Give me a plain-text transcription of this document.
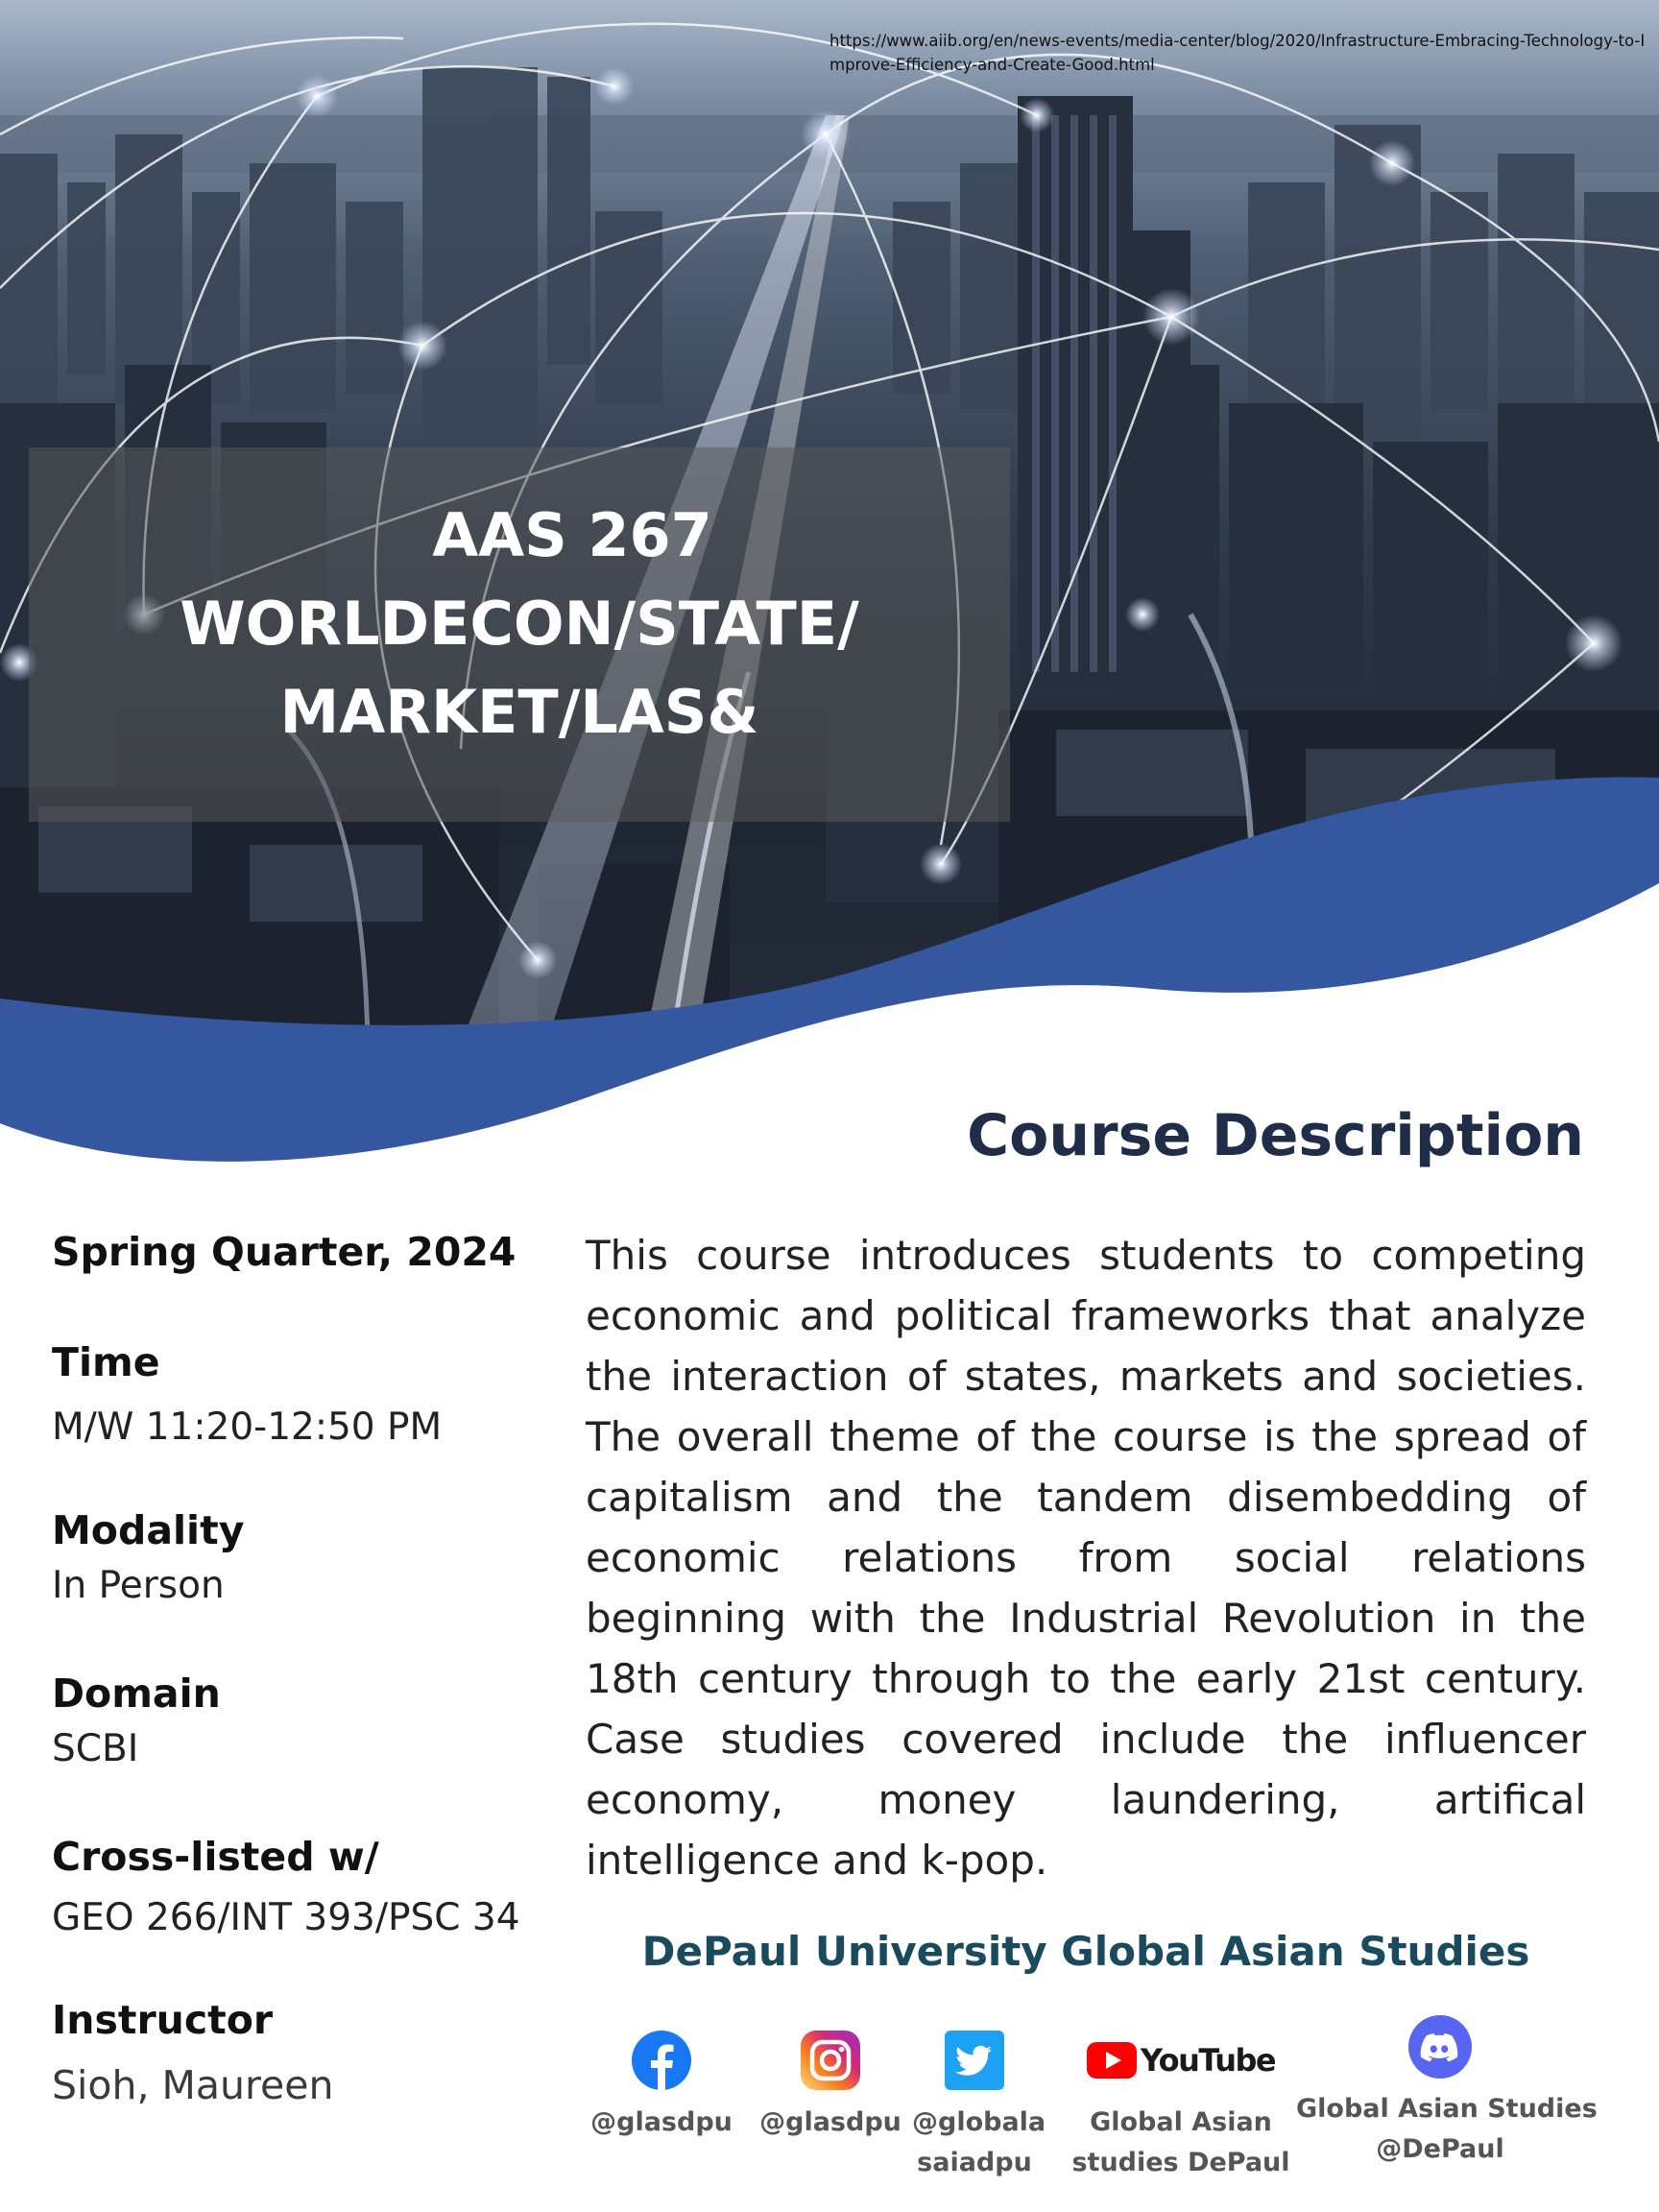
https://www.aiib.org/en/news-events/media-center/blog/2020/Infrastructure-Embracing-Technology-to-Improve-Efficiency-and-Create-Good.html
AAS 267
WORLDECON/STATE/
MARKET/LAS&
Course Description

This course introduces students to competing economic and political frameworks that analyze the interaction of states, markets and societies. The overall theme of the course is the spread of capitalism and the tandem disembedding of economic relations from social relations beginning with the Industrial Revolution in the 18th century through to the early 21st century. Case studies covered include the influencer economy, money laundering, artifical intelligence and k-pop.

Spring Quarter, 2024
Time
M/W 11:20-12:50 PM
Modality
In Person
Domain
SCBI
Cross-listed w/
GEO 266/INT 393/PSC 34
Instructor
Sioh, Maureen
DePaul University Global Asian Studies
@glasdpu @glasdpu @globala
saiadpu
YouTube
Global Asian
studies DePaul
Global Asian Studies
@DePaul
